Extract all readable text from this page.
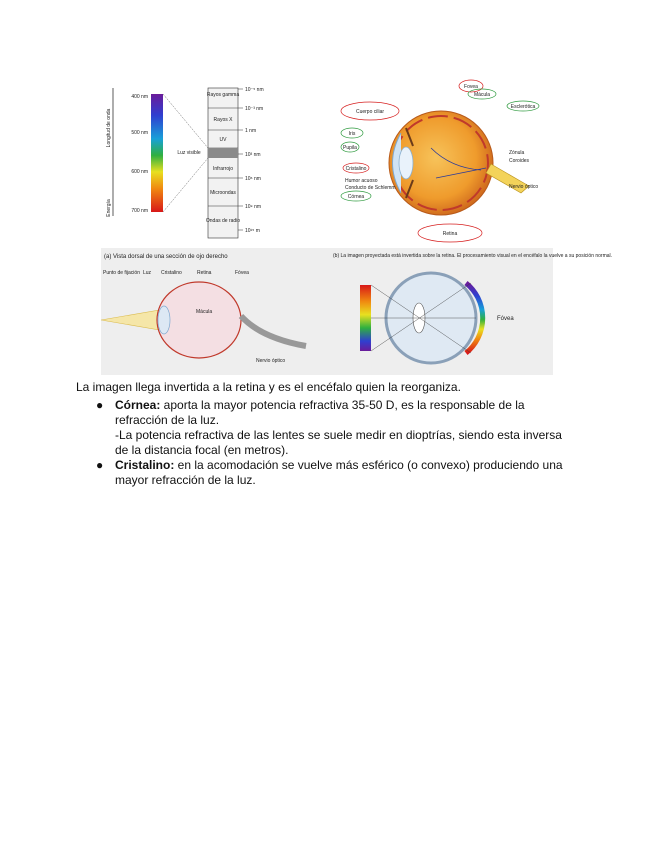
Longitud de onda
Energía
400 nm
500 nm
600 nm
700 nm
Luz visible
Rayos gamma
Rayos X
UV
Infrarrojo
Microondas
Ondas de radio
10⁻⁵ nm
10⁻³ nm
1 nm
10³ nm
10⁶ nm
10⁹ nm
10¹⁵ m
Fovea
Mácula
Esclerótica
Cuerpo ciliar
Iris
Pupila
Cristalino
Córnea
Nervio óptico
Humor acuoso
Conducto de Schlemm
Zónula
Coroides
Retina
(a) Vista dorsal de una sección de ojo derecho
Punto de fijación Luz Cristalino	Retina	Fóvea
Mácula
Nervio óptico
(b) La imagen proyectada está invertida sobre la retina. El procesamiento visual en el encéfalo la vuelve a su posición normal.
Fóvea

La imagen llega invertida a la retina y es el encéfalo quien la reorganiza.

● Córnea: aporta la mayor potencia refractiva 35-50 D, es la responsable de la refracción de la luz.

-La potencia refractiva de las lentes se suele medir en dioptrías, siendo esta inversa de la distancia focal (en metros).

● Cristalino: en la acomodación se vuelve más esférico (o convexo) produciendo una mayor refracción de la luz.
